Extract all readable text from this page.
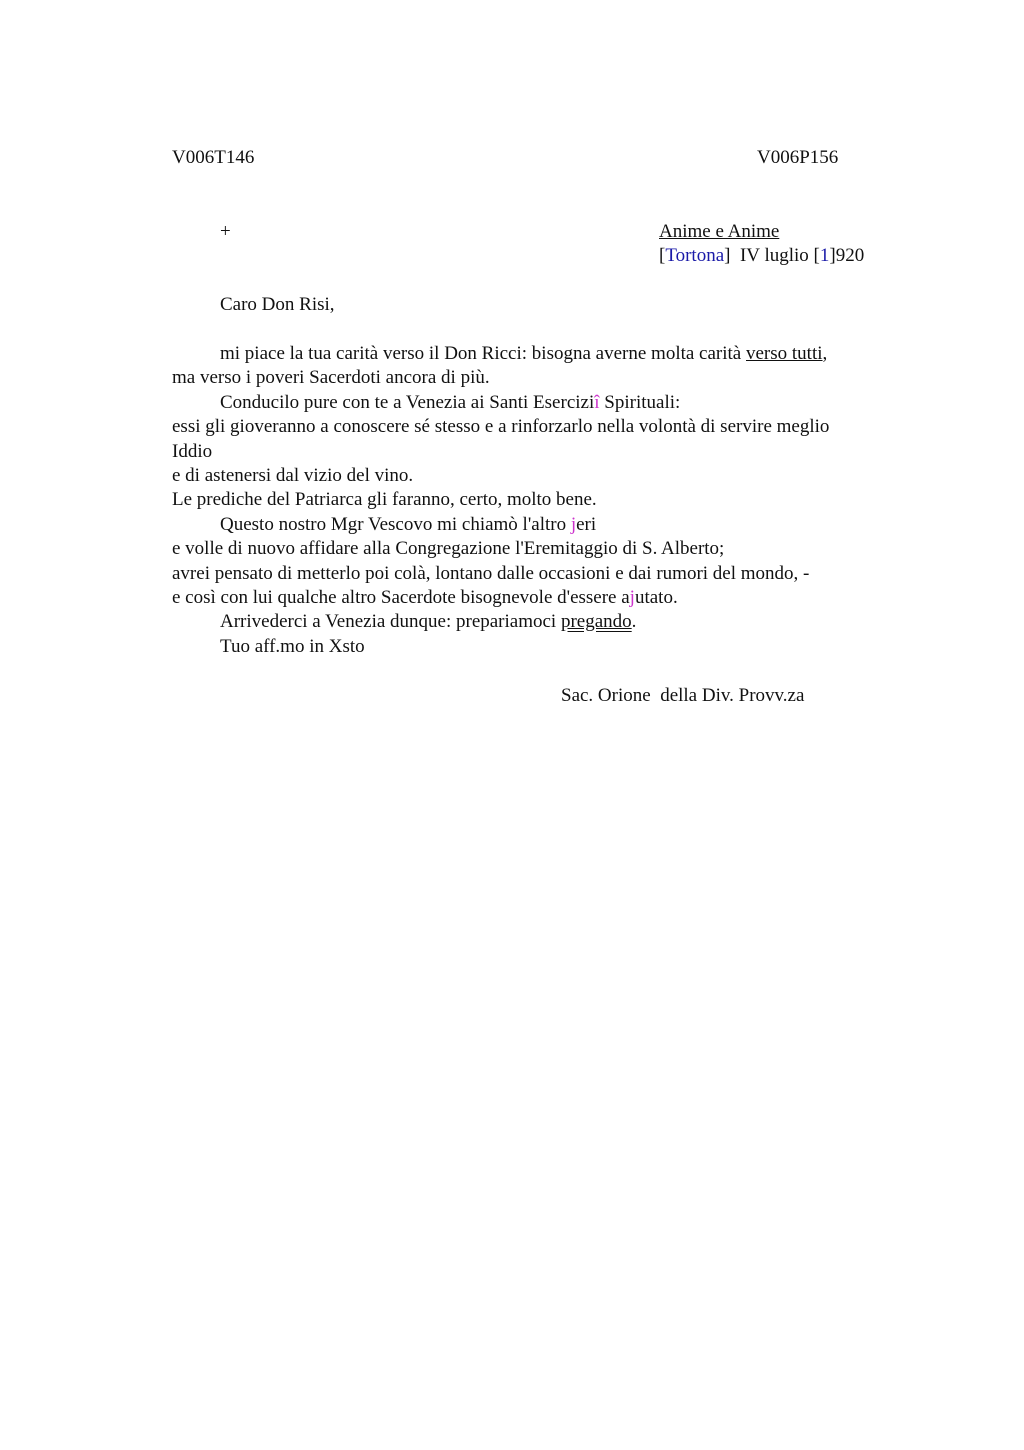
V006T146	V006P156
+	Anime e Anime
[Tortona]  IV luglio [1]920
Caro Don Risi,
mi piace la tua carità verso il Don Ricci: bisogna averne molta carità verso tutti,
ma verso i poveri Sacerdoti ancora di più.
Conducilo pure con te a Venezia ai Santi Eserciziî Spirituali:
essi gli gioveranno a conoscere sé stesso e a rinforzarlo nella volontà di servire meglio
Iddio
e di astenersi dal vizio del vino.
Le prediche del Patriarca gli faranno, certo, molto bene.
Questo nostro Mgr Vescovo mi chiamò l'altro jeri
e volle di nuovo affidare alla Congregazione l'Eremitaggio di S. Alberto;
avrei pensato di metterlo poi colà, lontano dalle occasioni e dai rumori del mondo, -
e così con lui qualche altro Sacerdote bisognevole d'essere ajutato.
Arrivederci a Venezia dunque: prepariamoci pregando.
Tuo aff.mo in Xsto
Sac. Orione  della Div. Provv.za
